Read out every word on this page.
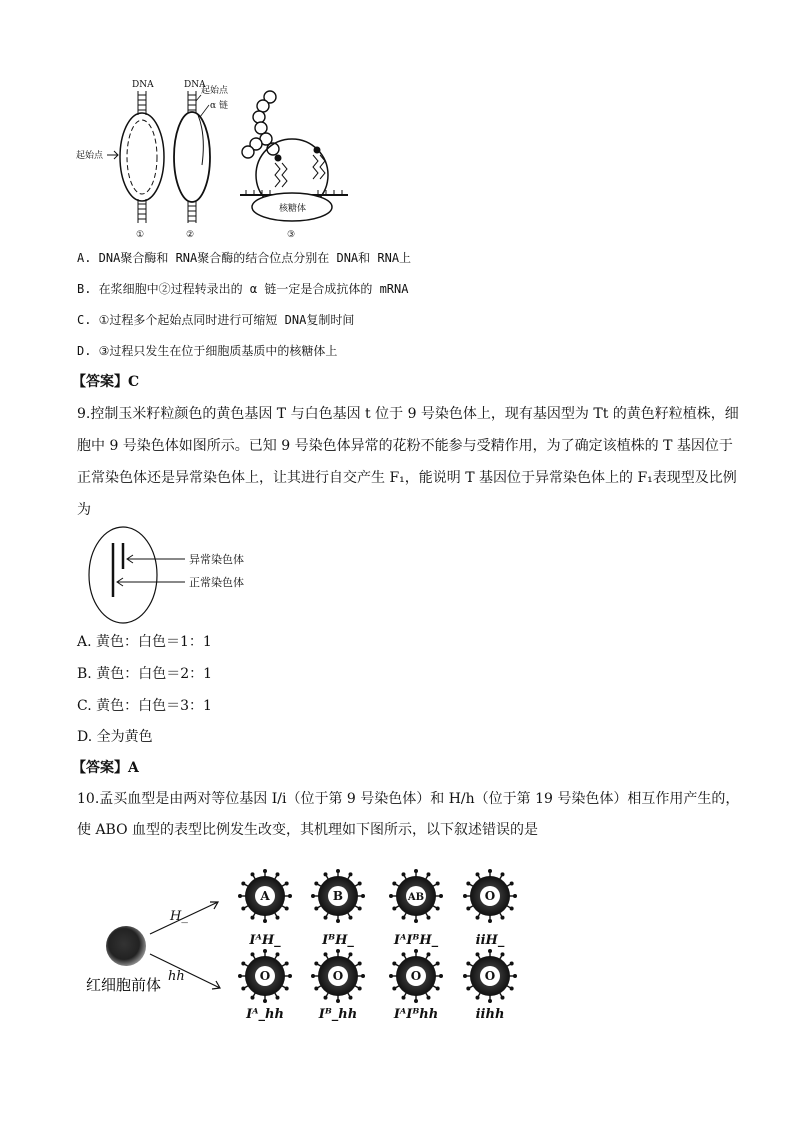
DNA
起始点
①
DNA
起始点
α 链
②
核糖体
③
A. DNA聚合酶和 RNA聚合酶的结合位点分别在 DNA和 RNA上
B. 在浆细胞中②过程转录出的 α 链一定是合成抗体的 mRNA
C. ①过程多个起始点同时进行可缩短 DNA复制时间
D. ③过程只发生在位于细胞质基质中的核糖体上
【答案】C
9.控制玉米籽粒颜色的黄色基因 T 与白色基因 t 位于 9 号染色体上，现有基因型为 Tt 的黄色籽粒植株，细
胞中 9 号染色体如图所示。已知 9 号染色体异常的花粉不能参与受精作用，为了确定该植株的 T 基因位于
正常染色体还是异常染色体上，让其进行自交产生 F₁，能说明 T 基因位于异常染色体上的 F₁表现型及比例
为
异常染色体
正常染色体
A. 黄色：白色＝1：1
B. 黄色：白色＝2：1
C. 黄色：白色＝3：1
D. 全为黄色
【答案】A
10.孟买血型是由两对等位基因 I/i（位于第 9 号染色体）和 H/h（位于第 19 号染色体）相互作用产生的，
使 ABO 血型的表型比例发生改变，其机理如下图所示，以下叙述错误的是
红细胞前体
H_
hh
A
IᴬH_
B
IᴮH_
AB
IᴬIᴮH_
O
iiH_
O
Iᴬ_hh
O
Iᴮ_hh
O
IᴬIᴮhh
O
iihh
